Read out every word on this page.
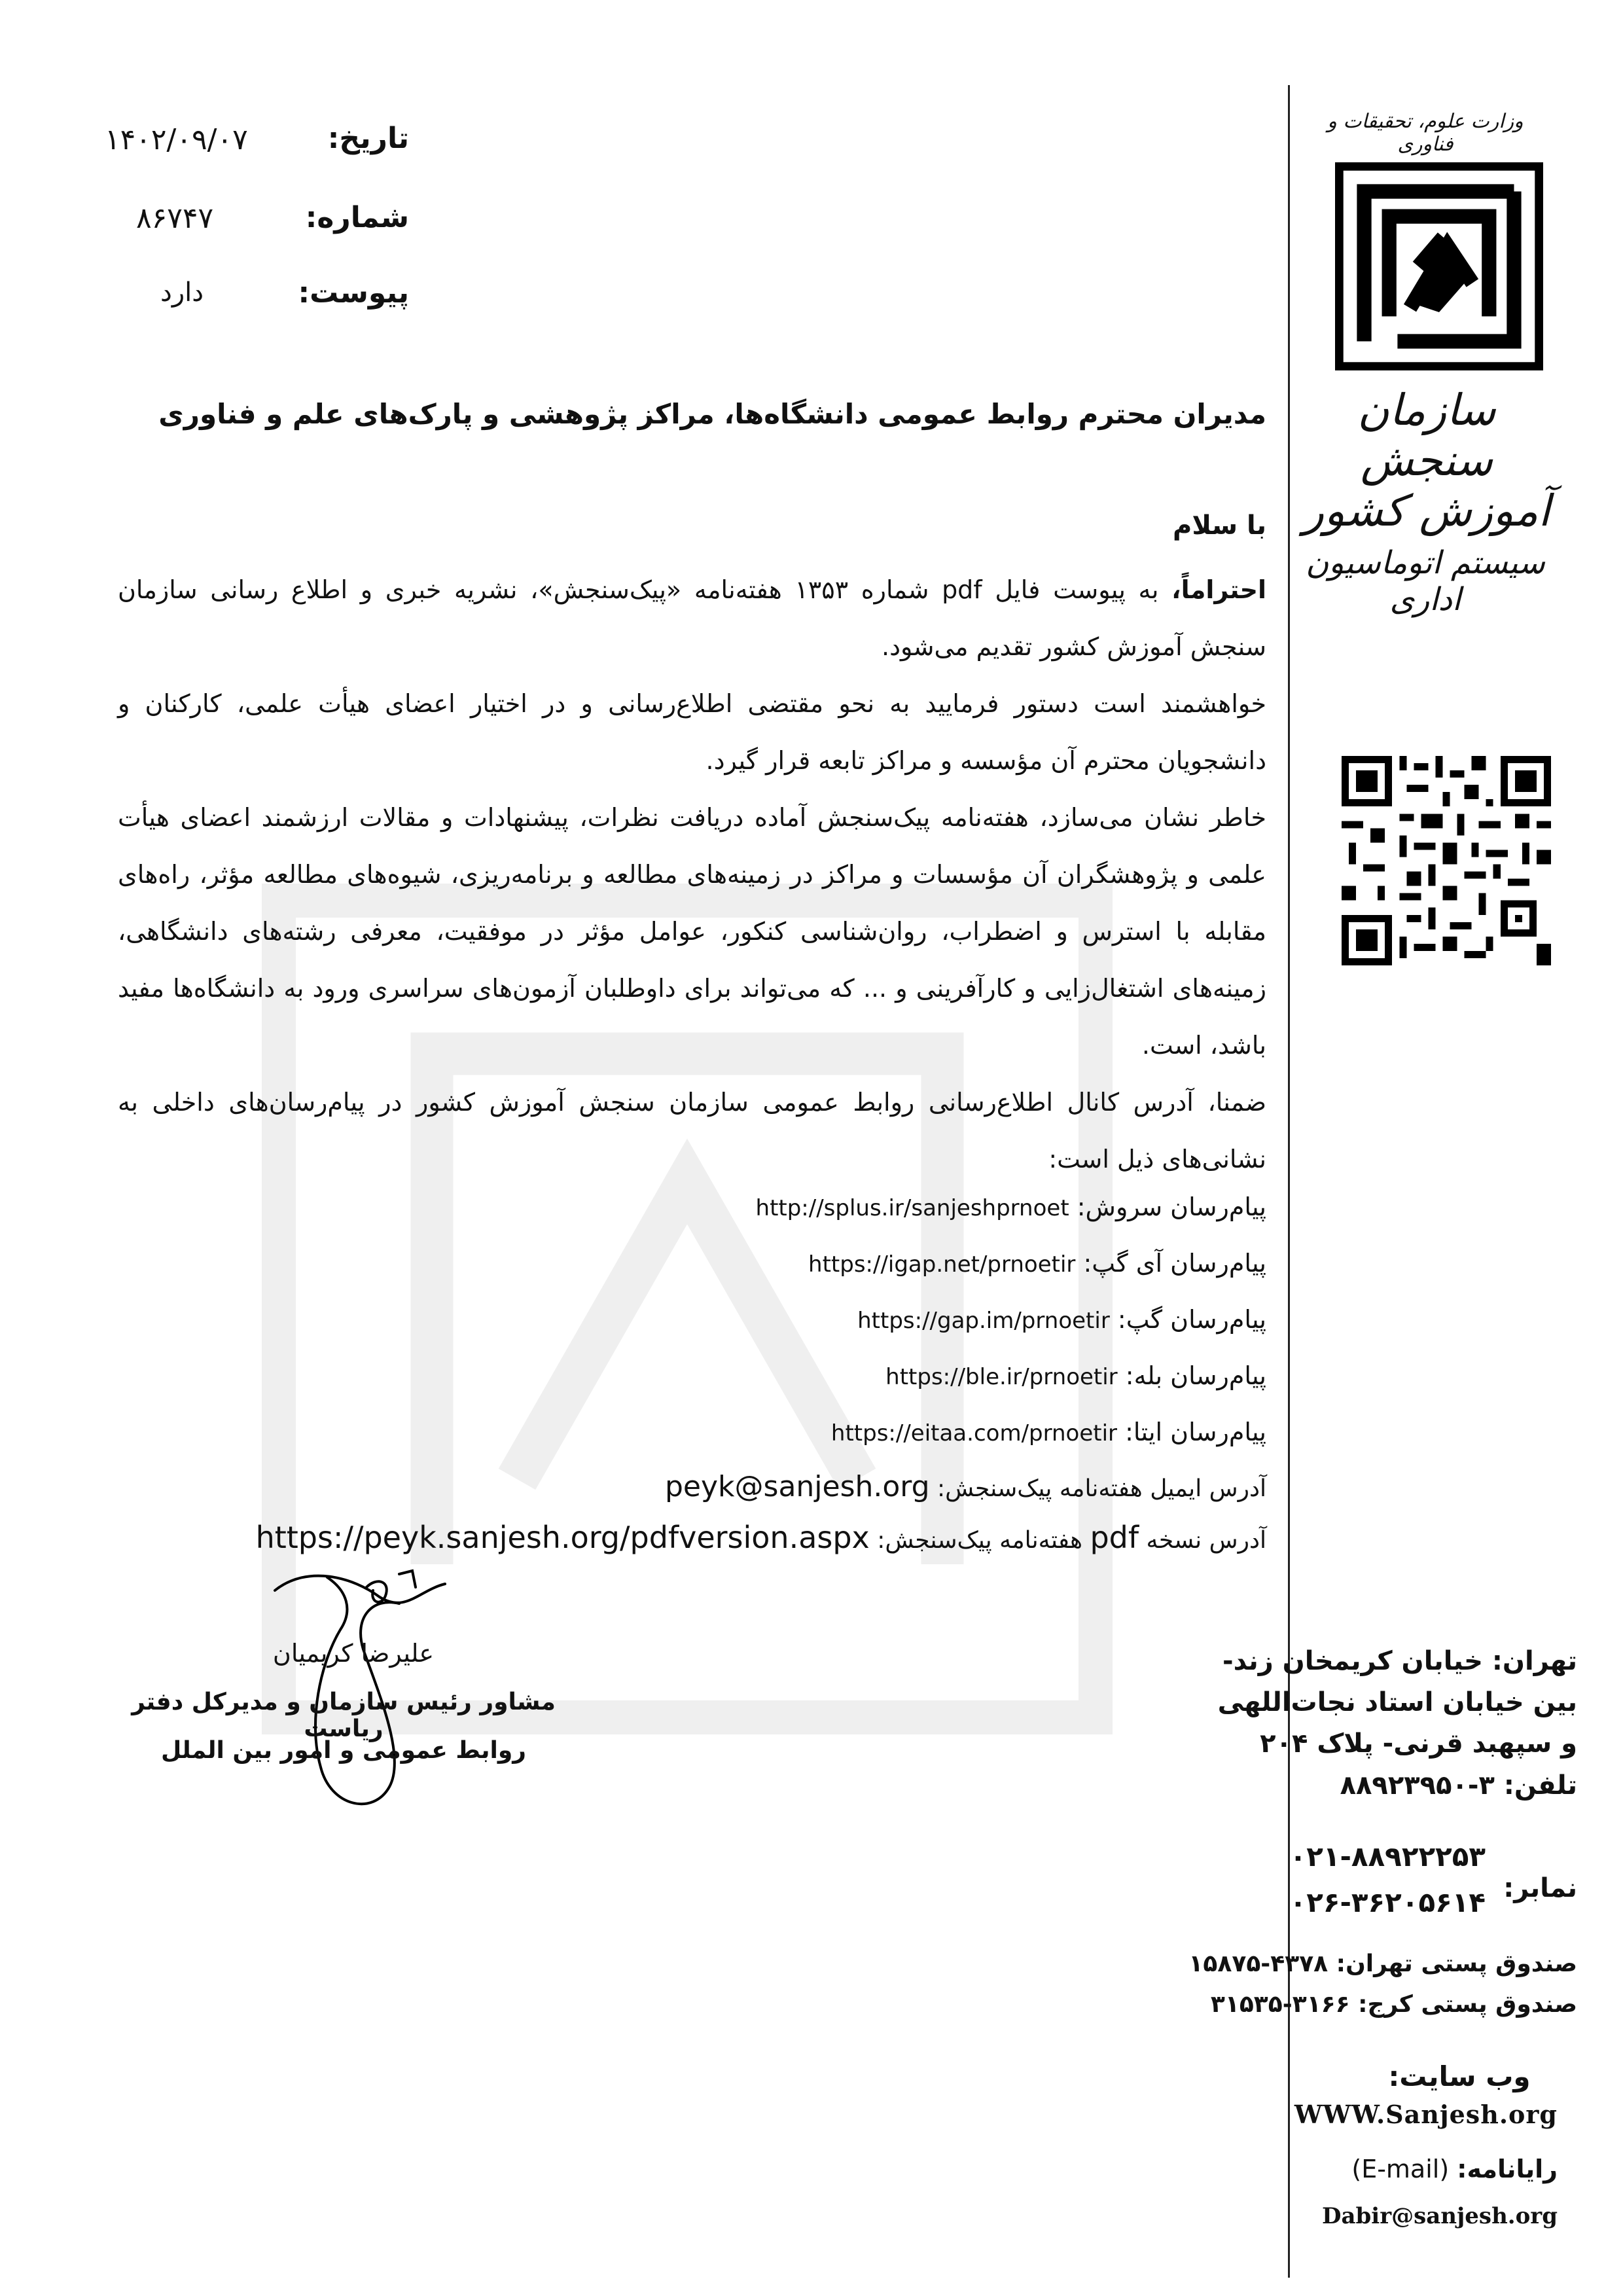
وزارت علوم، تحقیقات و فناوری
سازمان سنجش آموزش کشور
سیستم اتوماسیون اداری
تهران: خیابان کریمخان زند-
بین خیابان استاد نجات‌اللهی
و سپهبد قرنی- پلاک ۲۰۴
تلفن: ۳-۸۸۹۲۳۹۵۰
نمابر:
۰۲۱-۸۸۹۲۲۲۵۳
۰۲۶-۳۶۲۰۵۶۱۴
صندوق پستی تهران: ۴۳۷۸-۱۵۸۷۵
صندوق پستی کرج: ۳۱۶۶-۳۱۵۳۵
وب سایت:
WWW.Sanjesh.org
رایانامه: (E-mail)
Dabir@sanjesh.org
تاریخ:
شماره:
پیوست:
۱۴۰۲/۰۹/۰۷
۸۶۷۴۷
دارد
مدیران محترم روابط عمومی دانشگاه‌ها، مراکز پژوهشی و پارک‌های علم و فناوری
با سلام

احتراماً، به پیوست فایل pdf شماره ۱۳۵۳ هفته‌نامه «پیک‌سنجش»، نشریه خبری و اطلاع رسانی سازمان سنجش آموزش کشور تقدیم می‌شود.

خواهشمند است دستور فرمایید به نحو مقتضی اطلاع‌رسانی و در اختیار اعضای هیأت علمی، کارکنان و دانشجویان محترم آن مؤسسه و مراکز تابعه قرار گیرد.

خاطر نشان می‌سازد، هفته‌نامه پیک‌سنجش آماده دریافت نظرات، پیشنهادات و مقالات ارزشمند اعضای هیأت علمی و پژوهشگران آن مؤسسات و مراکز در زمینه‌های مطالعه و برنامه‌ریزی، شیوه‌های مطالعه مؤثر، راه‌های مقابله با استرس و اضطراب، روان‌شناسی کنکور، عوامل مؤثر در موفقیت، معرفی رشته‌های دانشگاهی، زمینه‌های اشتغال‌زایی و کارآفرینی و ... که می‌تواند برای داوطلبان آزمون‌های سراسری ورود به دانشگاه‌ها مفید باشد، است.

ضمنا، آدرس کانال اطلاع‌رسانی روابط عمومی سازمان سنجش آموزش کشور در پیام‌رسان‌های داخلی به نشانی‌های ذیل است:

پیام‌رسان سروش: http://splus.ir/sanjeshprnoet
پیام‌رسان آی گپ: https://igap.net/prnoetir
پیام‌رسان گپ: https://gap.im/prnoetir
پیام‌رسان بله: https://ble.ir/prnoetir
پیام‌رسان ایتا: https://eitaa.com/prnoetir
آدرس ایمیل هفته‌نامه پیک‌سنجش: peyk@sanjesh.org
آدرس نسخه pdf هفته‌نامه پیک‌سنجش: https://peyk.sanjesh.org/pdfversion.aspx
علیرضا کریمیان
مشاور رئیس سازمان و مدیرکل دفتر ریاست
روابط عمومی و امور بین الملل
